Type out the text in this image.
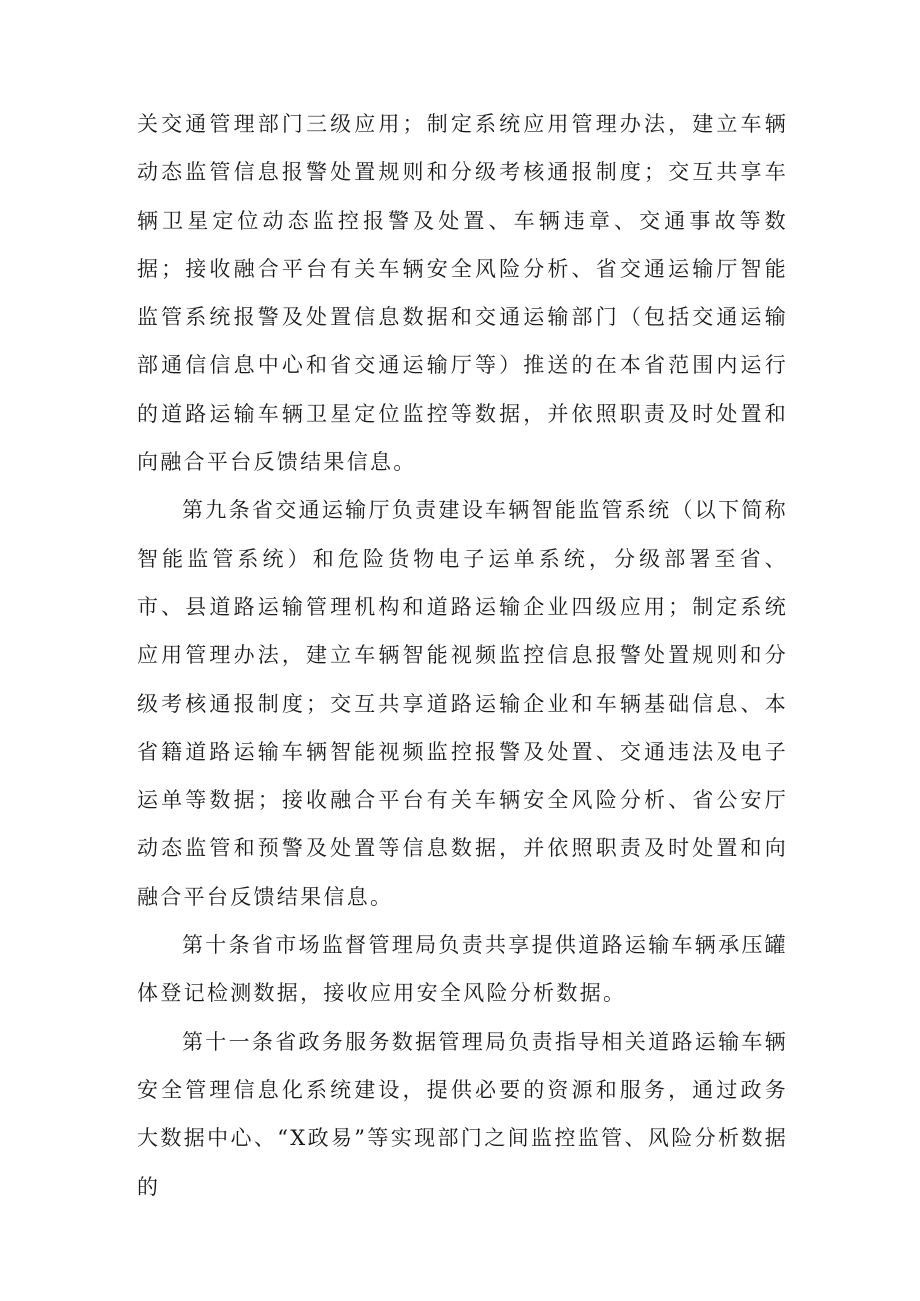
关交通管理部门三级应用；制定系统应用管理办法，建立车辆动态监管信息报警处置规则和分级考核通报制度；交互共享车辆卫星定位动态监控报警及处置、车辆违章、交通事故等数据；接收融合平台有关车辆安全风险分析、省交通运输厅智能监管系统报警及处置信息数据和交通运输部门（包括交通运输部通信信息中心和省交通运输厅等）推送的在本省范围内运行的道路运输车辆卫星定位监控等数据，并依照职责及时处置和向融合平台反馈结果信息。

第九条省交通运输厅负责建设车辆智能监管系统（以下简称智能监管系统）和危险货物电子运单系统，分级部署至省、市、县道路运输管理机构和道路运输企业四级应用；制定系统应用管理办法，建立车辆智能视频监控信息报警处置规则和分级考核通报制度；交互共享道路运输企业和车辆基础信息、本省籍道路运输车辆智能视频监控报警及处置、交通违法及电子运单等数据；接收融合平台有关车辆安全风险分析、省公安厅动态监管和预警及处置等信息数据，并依照职责及时处置和向融合平台反馈结果信息。

第十条省市场监督管理局负责共享提供道路运输车辆承压罐体登记检测数据，接收应用安全风险分析数据。

第十一条省政务服务数据管理局负责指导相关道路运输车辆安全管理信息化系统建设，提供必要的资源和服务，通过政务大数据中心、“X政易”等实现部门之间监控监管、风险分析数据的
